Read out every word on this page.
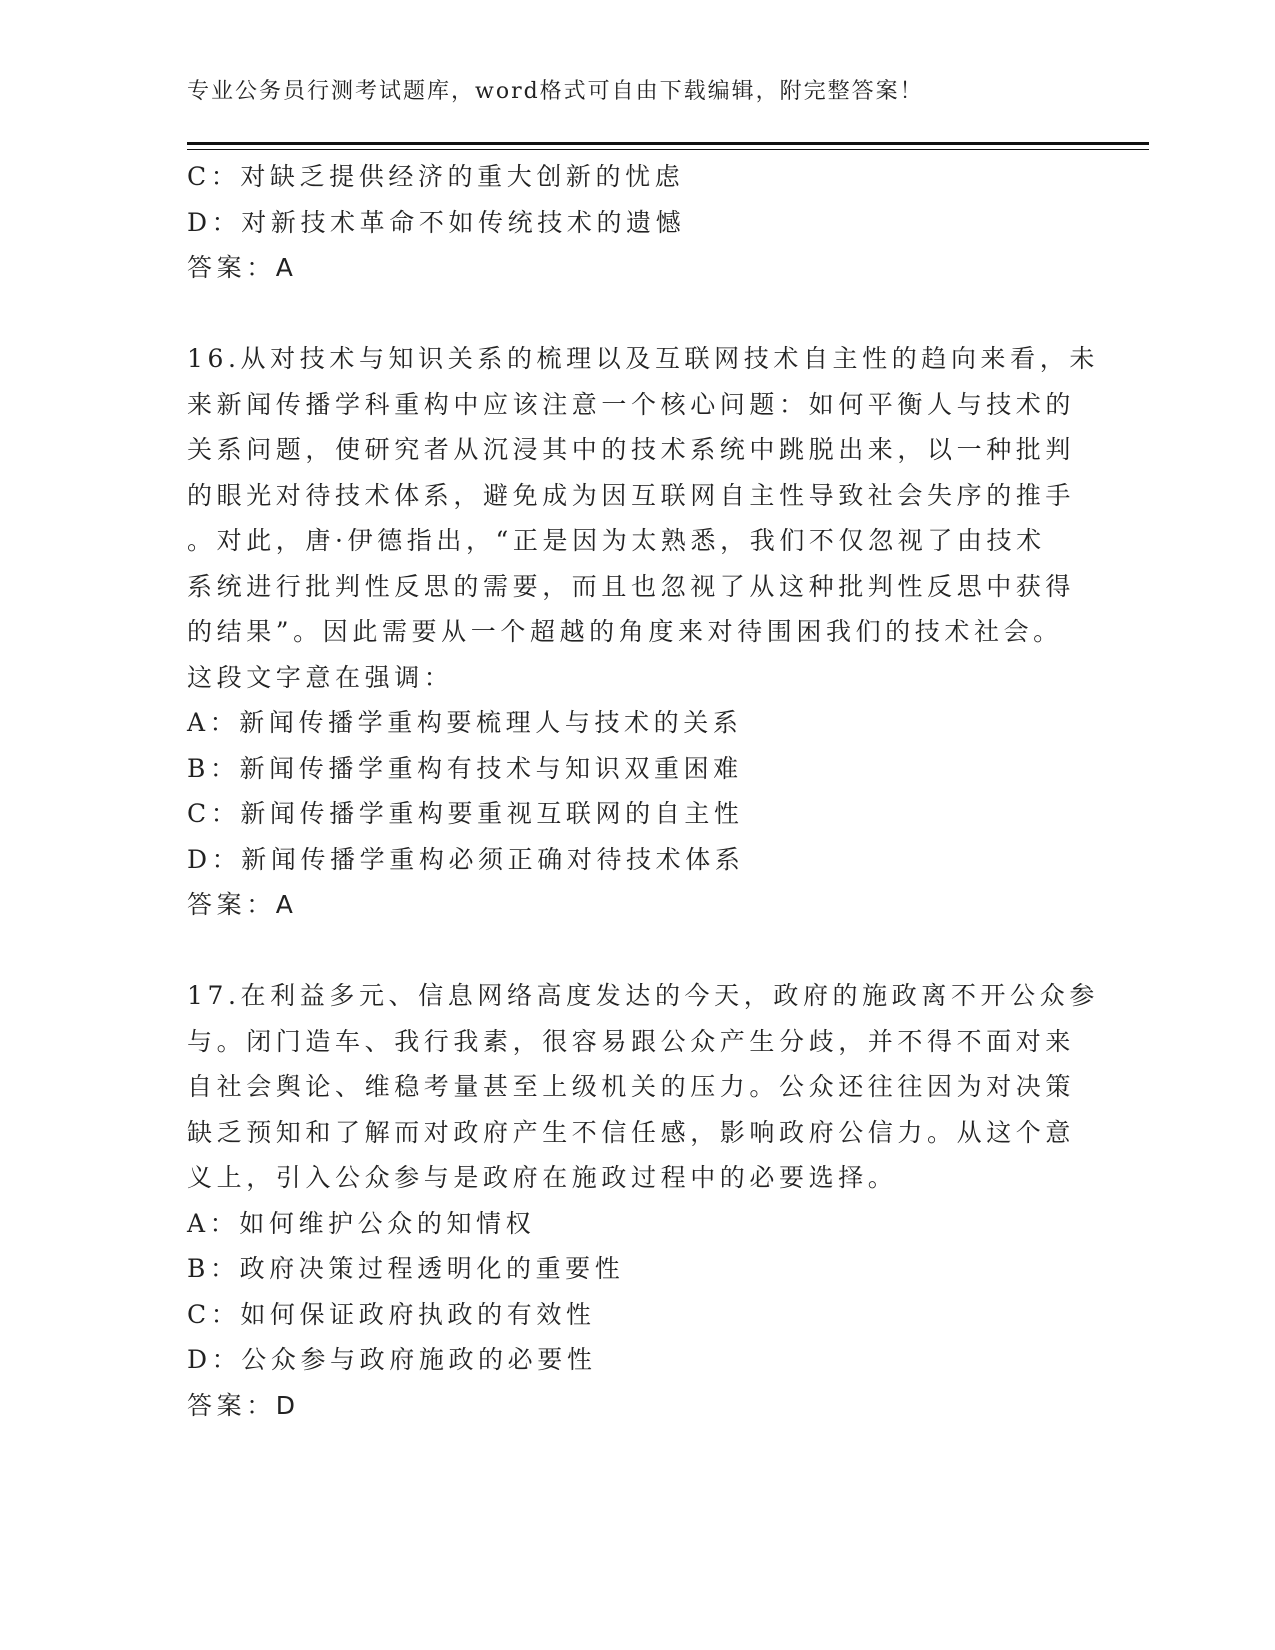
专业公务员行测考试题库，word格式可自由下载编辑，附完整答案！
C：对缺乏提供经济的重大创新的忧虑
D：对新技术革命不如传统技术的遗憾
答案：A
16.从对技术与知识关系的梳理以及互联网技术自主性的趋向来看，未
来新闻传播学科重构中应该注意一个核心问题：如何平衡人与技术的
关系问题，使研究者从沉浸其中的技术系统中跳脱出来，以一种批判
的眼光对待技术体系，避免成为因互联网自主性导致社会失序的推手
。对此，唐·伊德指出，“正是因为太熟悉，我们不仅忽视了由技术
系统进行批判性反思的需要，而且也忽视了从这种批判性反思中获得
的结果”。因此需要从一个超越的角度来对待围困我们的技术社会。
这段文字意在强调：
A：新闻传播学重构要梳理人与技术的关系
B：新闻传播学重构有技术与知识双重困难
C：新闻传播学重构要重视互联网的自主性
D：新闻传播学重构必须正确对待技术体系
答案：A
17.在利益多元、信息网络高度发达的今天，政府的施政离不开公众参
与。闭门造车、我行我素，很容易跟公众产生分歧，并不得不面对来
自社会舆论、维稳考量甚至上级机关的压力。公众还往往因为对决策
缺乏预知和了解而对政府产生不信任感，影响政府公信力。从这个意
义上，引入公众参与是政府在施政过程中的必要选择。
A：如何维护公众的知情权
B：政府决策过程透明化的重要性
C：如何保证政府执政的有效性
D：公众参与政府施政的必要性
答案：D
